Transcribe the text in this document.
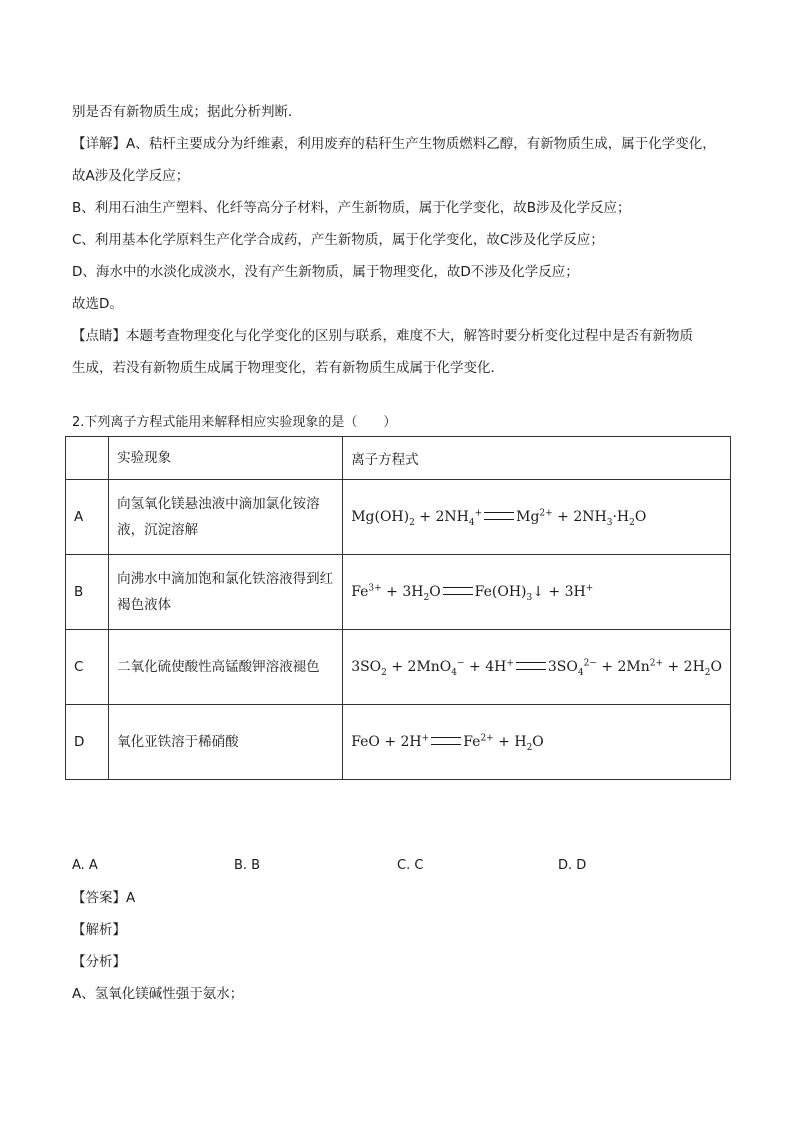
别是否有新物质生成；据此分析判断．
【详解】A、秸杆主要成分为纤维素，利用废弃的秸秆生产生物质燃料乙醇，有新物质生成，属于化学变化，
故A涉及化学反应；
B、利用石油生产塑料、化纤等高分子材料，产生新物质，属于化学变化，故B涉及化学反应；
C、利用基本化学原料生产化学合成药，产生新物质，属于化学变化，故C涉及化学反应；
D、海水中的水淡化成淡水，没有产生新物质，属于物理变化，故D不涉及化学反应；
故选D。
【点睛】本题考查物理变化与化学变化的区别与联系，难度不大，解答时要分析变化过程中是否有新物质
生成，若没有新物质生成属于物理变化，若有新物质生成属于化学变化．
2.下列离子方程式能用来解释相应实验现象的是（　　）
	实验现象	离子方程式
A	向氢氧化镁悬浊液中滴加氯化铵溶液，沉淀溶解	$Mg(OH)_2 + 2NH_4^+$ $Mg^{2+} + 2NH_3\cdot H_2O$
B	向沸水中滴加饱和氯化铁溶液得到红褐色液体	$Fe^{3+} + 3H_2O$ $Fe(OH)_3↓ + 3H^+$
C	二氧化硫使酸性高锰酸钾溶液褪色	$3SO_2 + 2MnO_4^- + 4H^+$ $3SO_4^{2-} + 2Mn^{2+} + 2H_2O$
D	氧化亚铁溶于稀硝酸	FeO + 2H+ $Fe^{2+} + H_2O$
A. A	B. B	C. C	D. D
【答案】A
【解析】
【分析】
A、氢氧化镁碱性强于氨水；
